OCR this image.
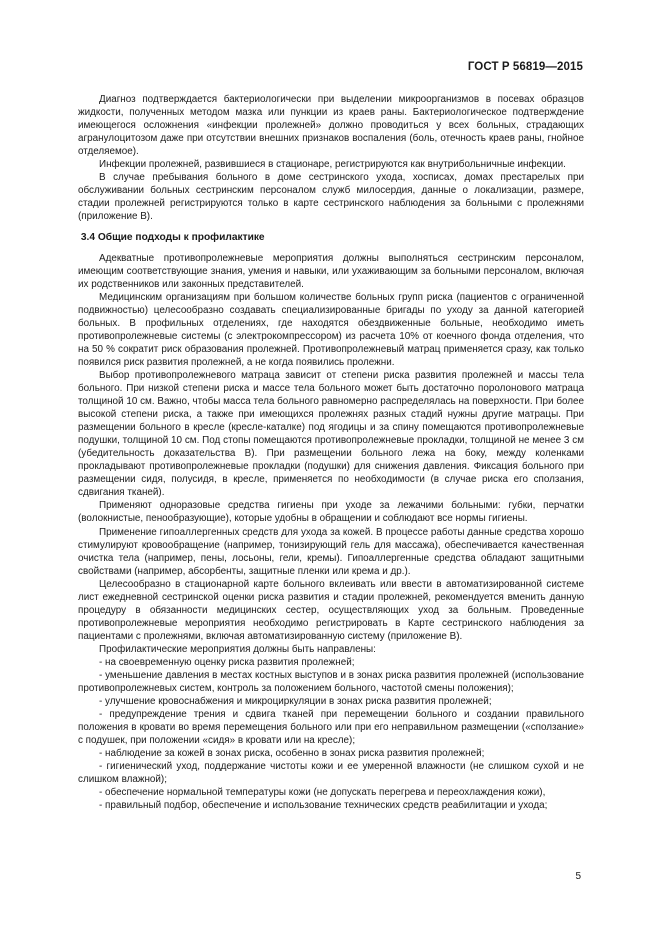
ГОСТ Р 56819—2015

Диагноз подтверждается бактериологически при выделении микроорганизмов в посевах образцов жидкости, полученных методом мазка или пункции из краев раны. Бактериологическое подтверждение имеющегося осложнения «инфекции пролежней» должно проводиться у всех больных, страдающих агранулоцитозом даже при отсутствии внешних признаков воспаления (боль, отечность краев раны, гнойное отделяемое).

Инфекции пролежней, развившиеся в стационаре, регистрируются как внутрибольничные инфекции.

В случае пребывания больного в доме сестринского ухода, хосписах, домах престарелых при обслуживании больных сестринским персоналом служб милосердия, данные о локализации, размере, стадии пролежней регистрируются только в карте сестринского наблюдения за больными с пролежнями (приложение В).

3.4 Общие подходы к профилактике

Адекватные противопролежневые мероприятия должны выполняться сестринским персоналом, имеющим соответствующие знания, умения и навыки, или ухаживающим за больными персоналом, включая их родственников или законных представителей.

Медицинским организациям при большом количестве больных групп риска (пациентов с ограниченной подвижностью) целесообразно создавать специализированные бригады по уходу за данной категорией больных. В профильных отделениях, где находятся обездвиженные больные, необходимо иметь противопролежневые системы (с электрокомпрессором) из расчета 10% от коечного фонда отделения, что на 50 % сократит риск образования пролежней. Противопролежневый матрац применяется сразу, как только появился риск развития пролежней, а не когда появились пролежни.

Выбор противопролежневого матраца зависит от степени риска развития пролежней и массы тела больного. При низкой степени риска и массе тела больного может быть достаточно поролонового матраца толщиной 10 см. Важно, чтобы масса тела больного равномерно распределялась на поверхности. При более высокой степени риска, а также при имеющихся пролежнях разных стадий нужны другие матрацы. При размещении больного в кресле (кресле-каталке) под ягодицы и за спину помещаются противопролежневые подушки, толщиной 10 см. Под стопы помещаются противопролежневые прокладки, толщиной не менее 3 см (убедительность доказательства В). При размещении больного лежа на боку, между коленками прокладывают противопролежневые прокладки (подушки) для снижения давления. Фиксация больного при размещении сидя, полусидя, в кресле, применяется по необходимости (в случае риска его сползания, сдвигания тканей).

Применяют одноразовые средства гигиены при уходе за лежачими больными: губки, перчатки (волокнистые, пенообразующие), которые удобны в обращении и соблюдают все нормы гигиены.

Применение гипоаллергенных средств для ухода за кожей. В процессе работы данные средства хорошо стимулируют кровообращение (например, тонизирующий гель для массажа), обеспечивается качественная очистка тела (например, пены, лосьоны, гели, кремы). Гипоаллергенные средства обладают защитными свойствами (например, абсорбенты, защитные пленки или крема и др.).

Целесообразно в стационарной карте больного вклеивать или ввести в автоматизированной системе лист ежедневной сестринской оценки риска развития и стадии пролежней, рекомендуется вменить данную процедуру в обязанности медицинских сестер, осуществляющих уход за больным. Проведенные противопролежневые мероприятия необходимо регистрировать в Карте сестринского наблюдения за пациентами с пролежнями, включая автоматизированную систему (приложение В).

Профилактические мероприятия должны быть направлены:

- на своевременную оценку риска развития пролежней;

- уменьшение давления в местах костных выступов и в зонах риска развития пролежней (использование противопролежневых систем, контроль за положением больного, частотой смены положения);

- улучшение кровоснабжения и микроциркуляции в зонах риска развития пролежней;

- предупреждение трения и сдвига тканей при перемещении больного и создании правильного положения в кровати во время перемещения больного или при его неправильном размещении («сползание» с подушек, при положении «сидя» в кровати или на кресле);

- наблюдение за кожей в зонах риска, особенно в зонах риска развития пролежней;

- гигиенический уход, поддержание чистоты кожи и ее умеренной влажности (не слишком сухой и не слишком влажной);

- обеспечение нормальной температуры кожи (не допускать перегрева и переохлаждения кожи),

- правильный подбор, обеспечение и использование технических средств реабилитации и ухода;

5
